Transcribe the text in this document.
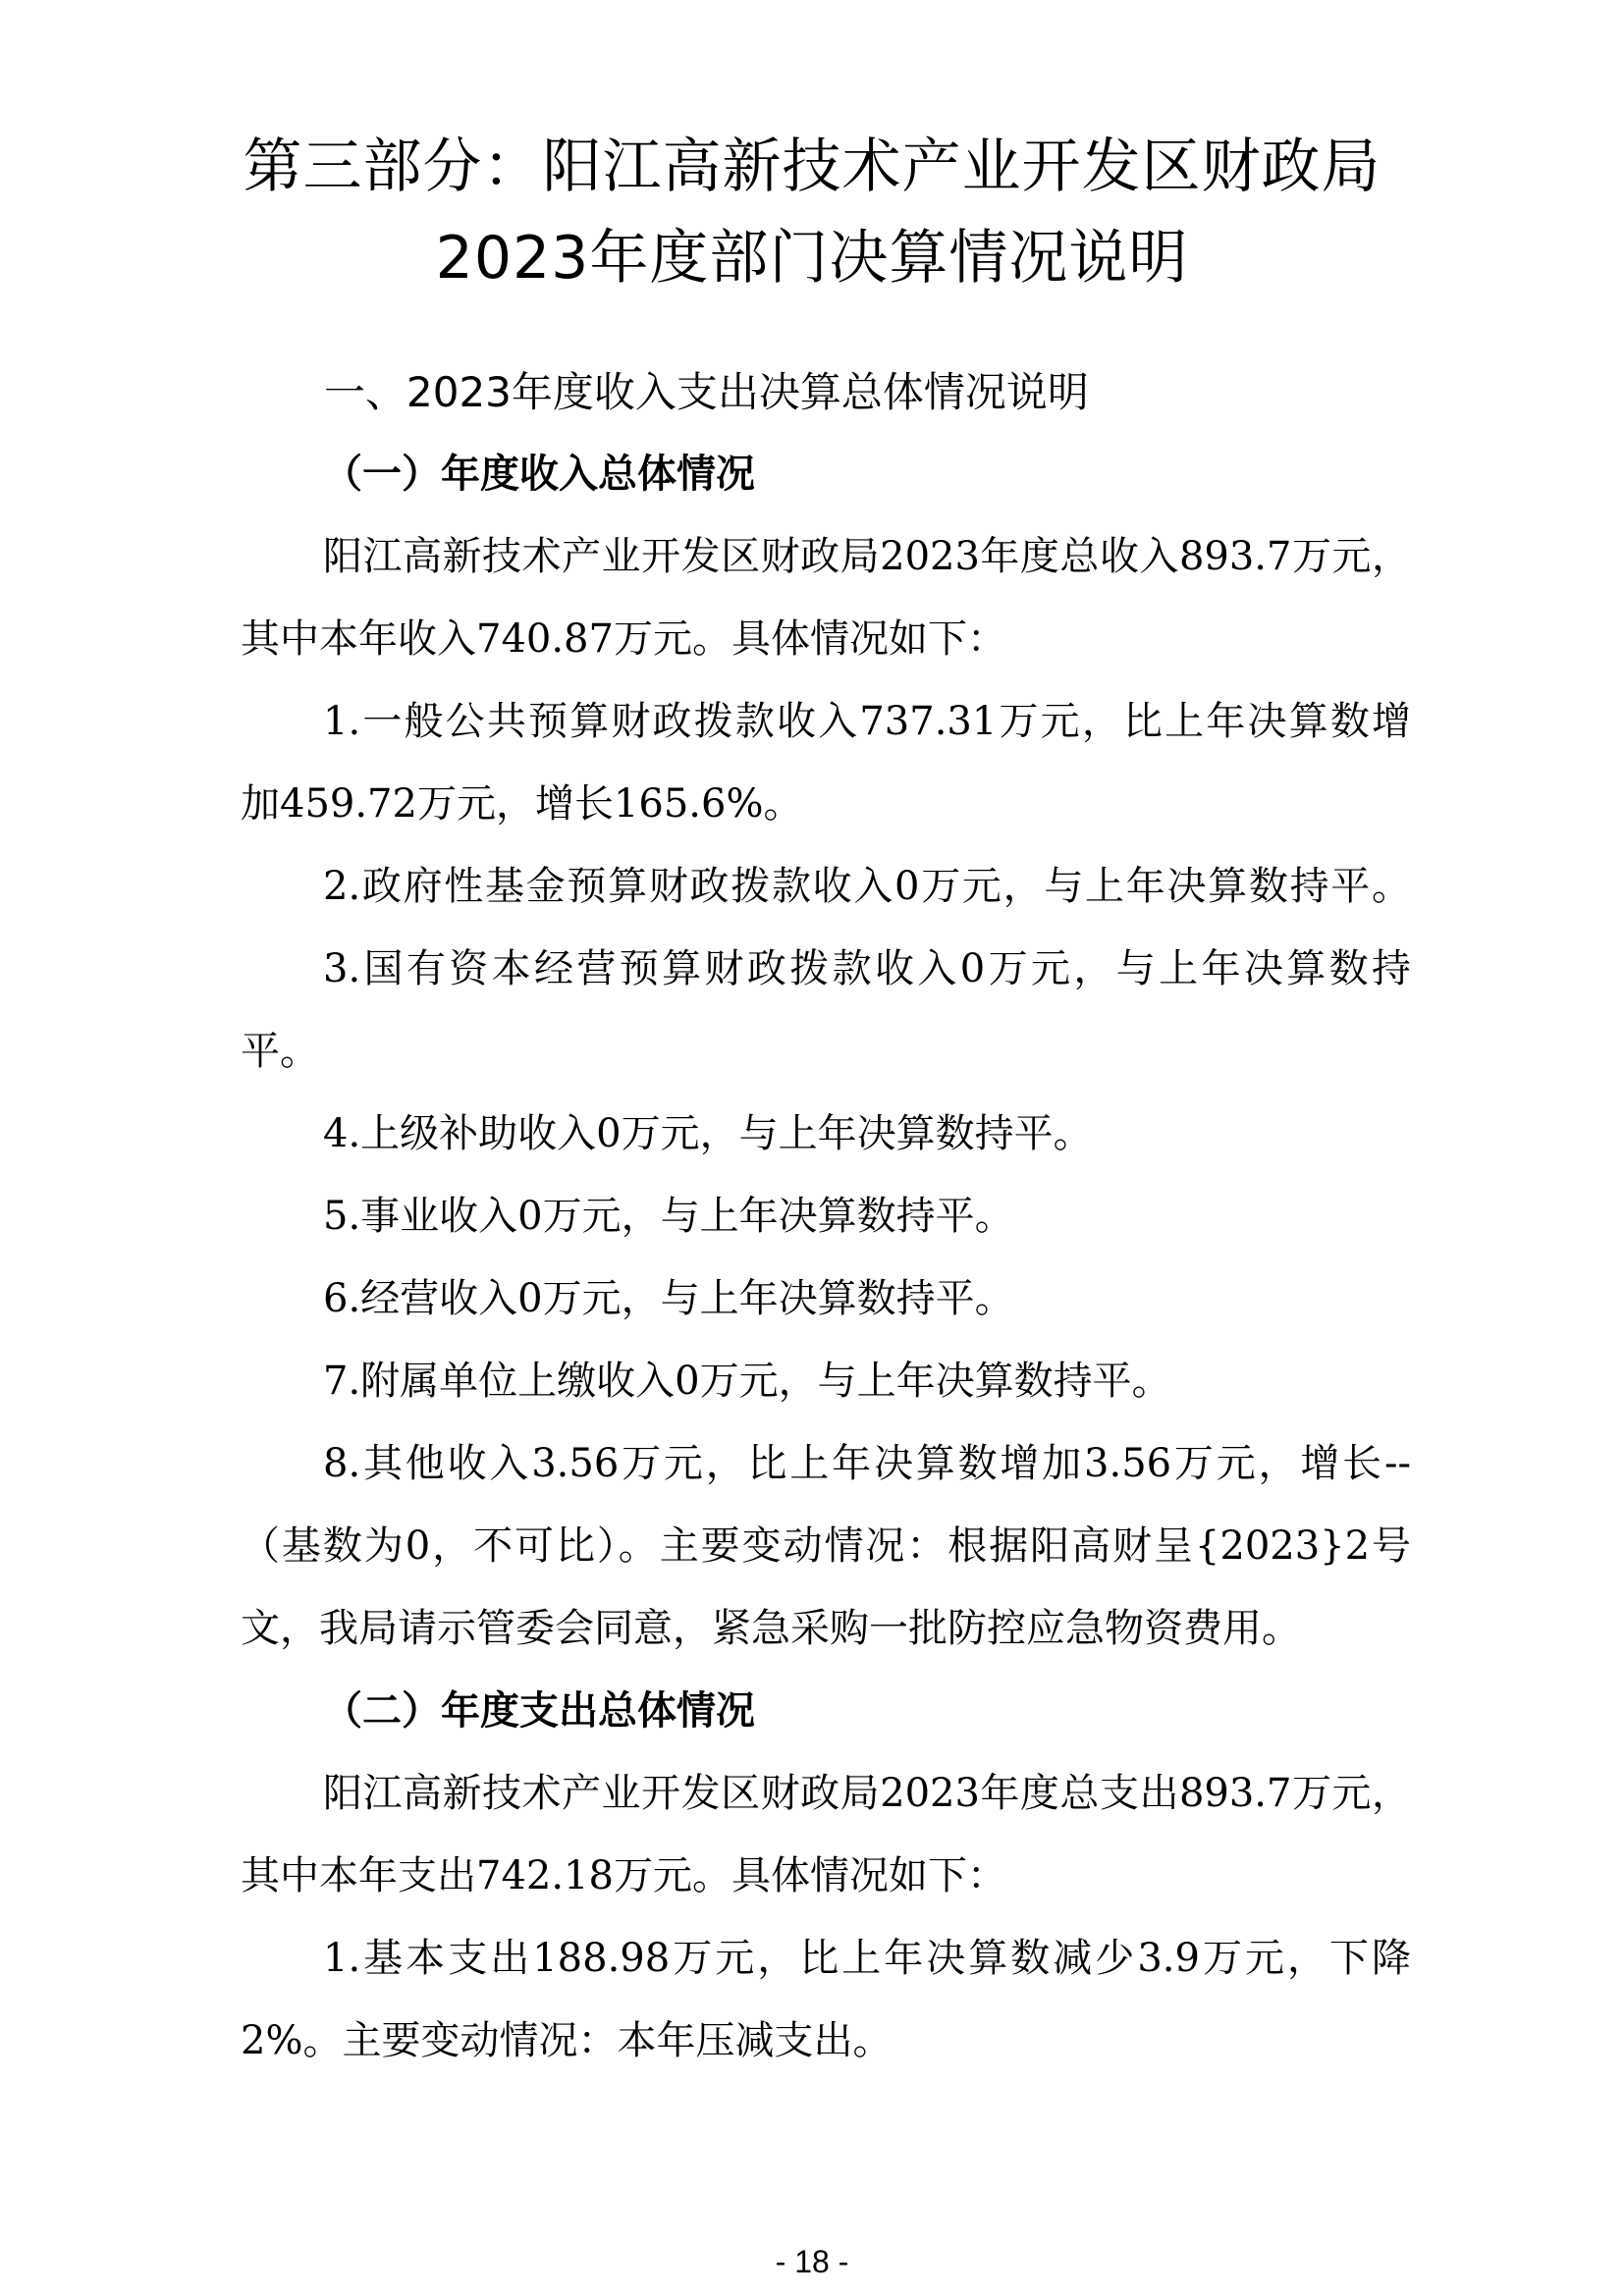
第三部分：阳江高新技术产业开发区财政局
2023年度部门决算情况说明
一、2023年度收入支出决算总体情况说明
（一）年度收入总体情况
阳江高新技术产业开发区财政局2023年度总收入893.7万元，
其中本年收入740.87万元。具体情况如下：
1.一般公共预算财政拨款收入737.31万元，比上年决算数增
加459.72万元，增长165.6%。
2.政府性基金预算财政拨款收入0万元，与上年决算数持平。
3.国有资本经营预算财政拨款收入0万元，与上年决算数持
平。
4.上级补助收入0万元，与上年决算数持平。
5.事业收入0万元，与上年决算数持平。
6.经营收入0万元，与上年决算数持平。
7.附属单位上缴收入0万元，与上年决算数持平。
8.其他收入3.56万元，比上年决算数增加3.56万元，增长--
（基数为0，不可比）。主要变动情况：根据阳高财呈{2023}2号
文，我局请示管委会同意，紧急采购一批防控应急物资费用。
（二）年度支出总体情况
阳江高新技术产业开发区财政局2023年度总支出893.7万元，
其中本年支出742.18万元。具体情况如下：
1.基本支出188.98万元，比上年决算数减少3.9万元，下降
2%。主要变动情况：本年压减支出。
- 18 -
